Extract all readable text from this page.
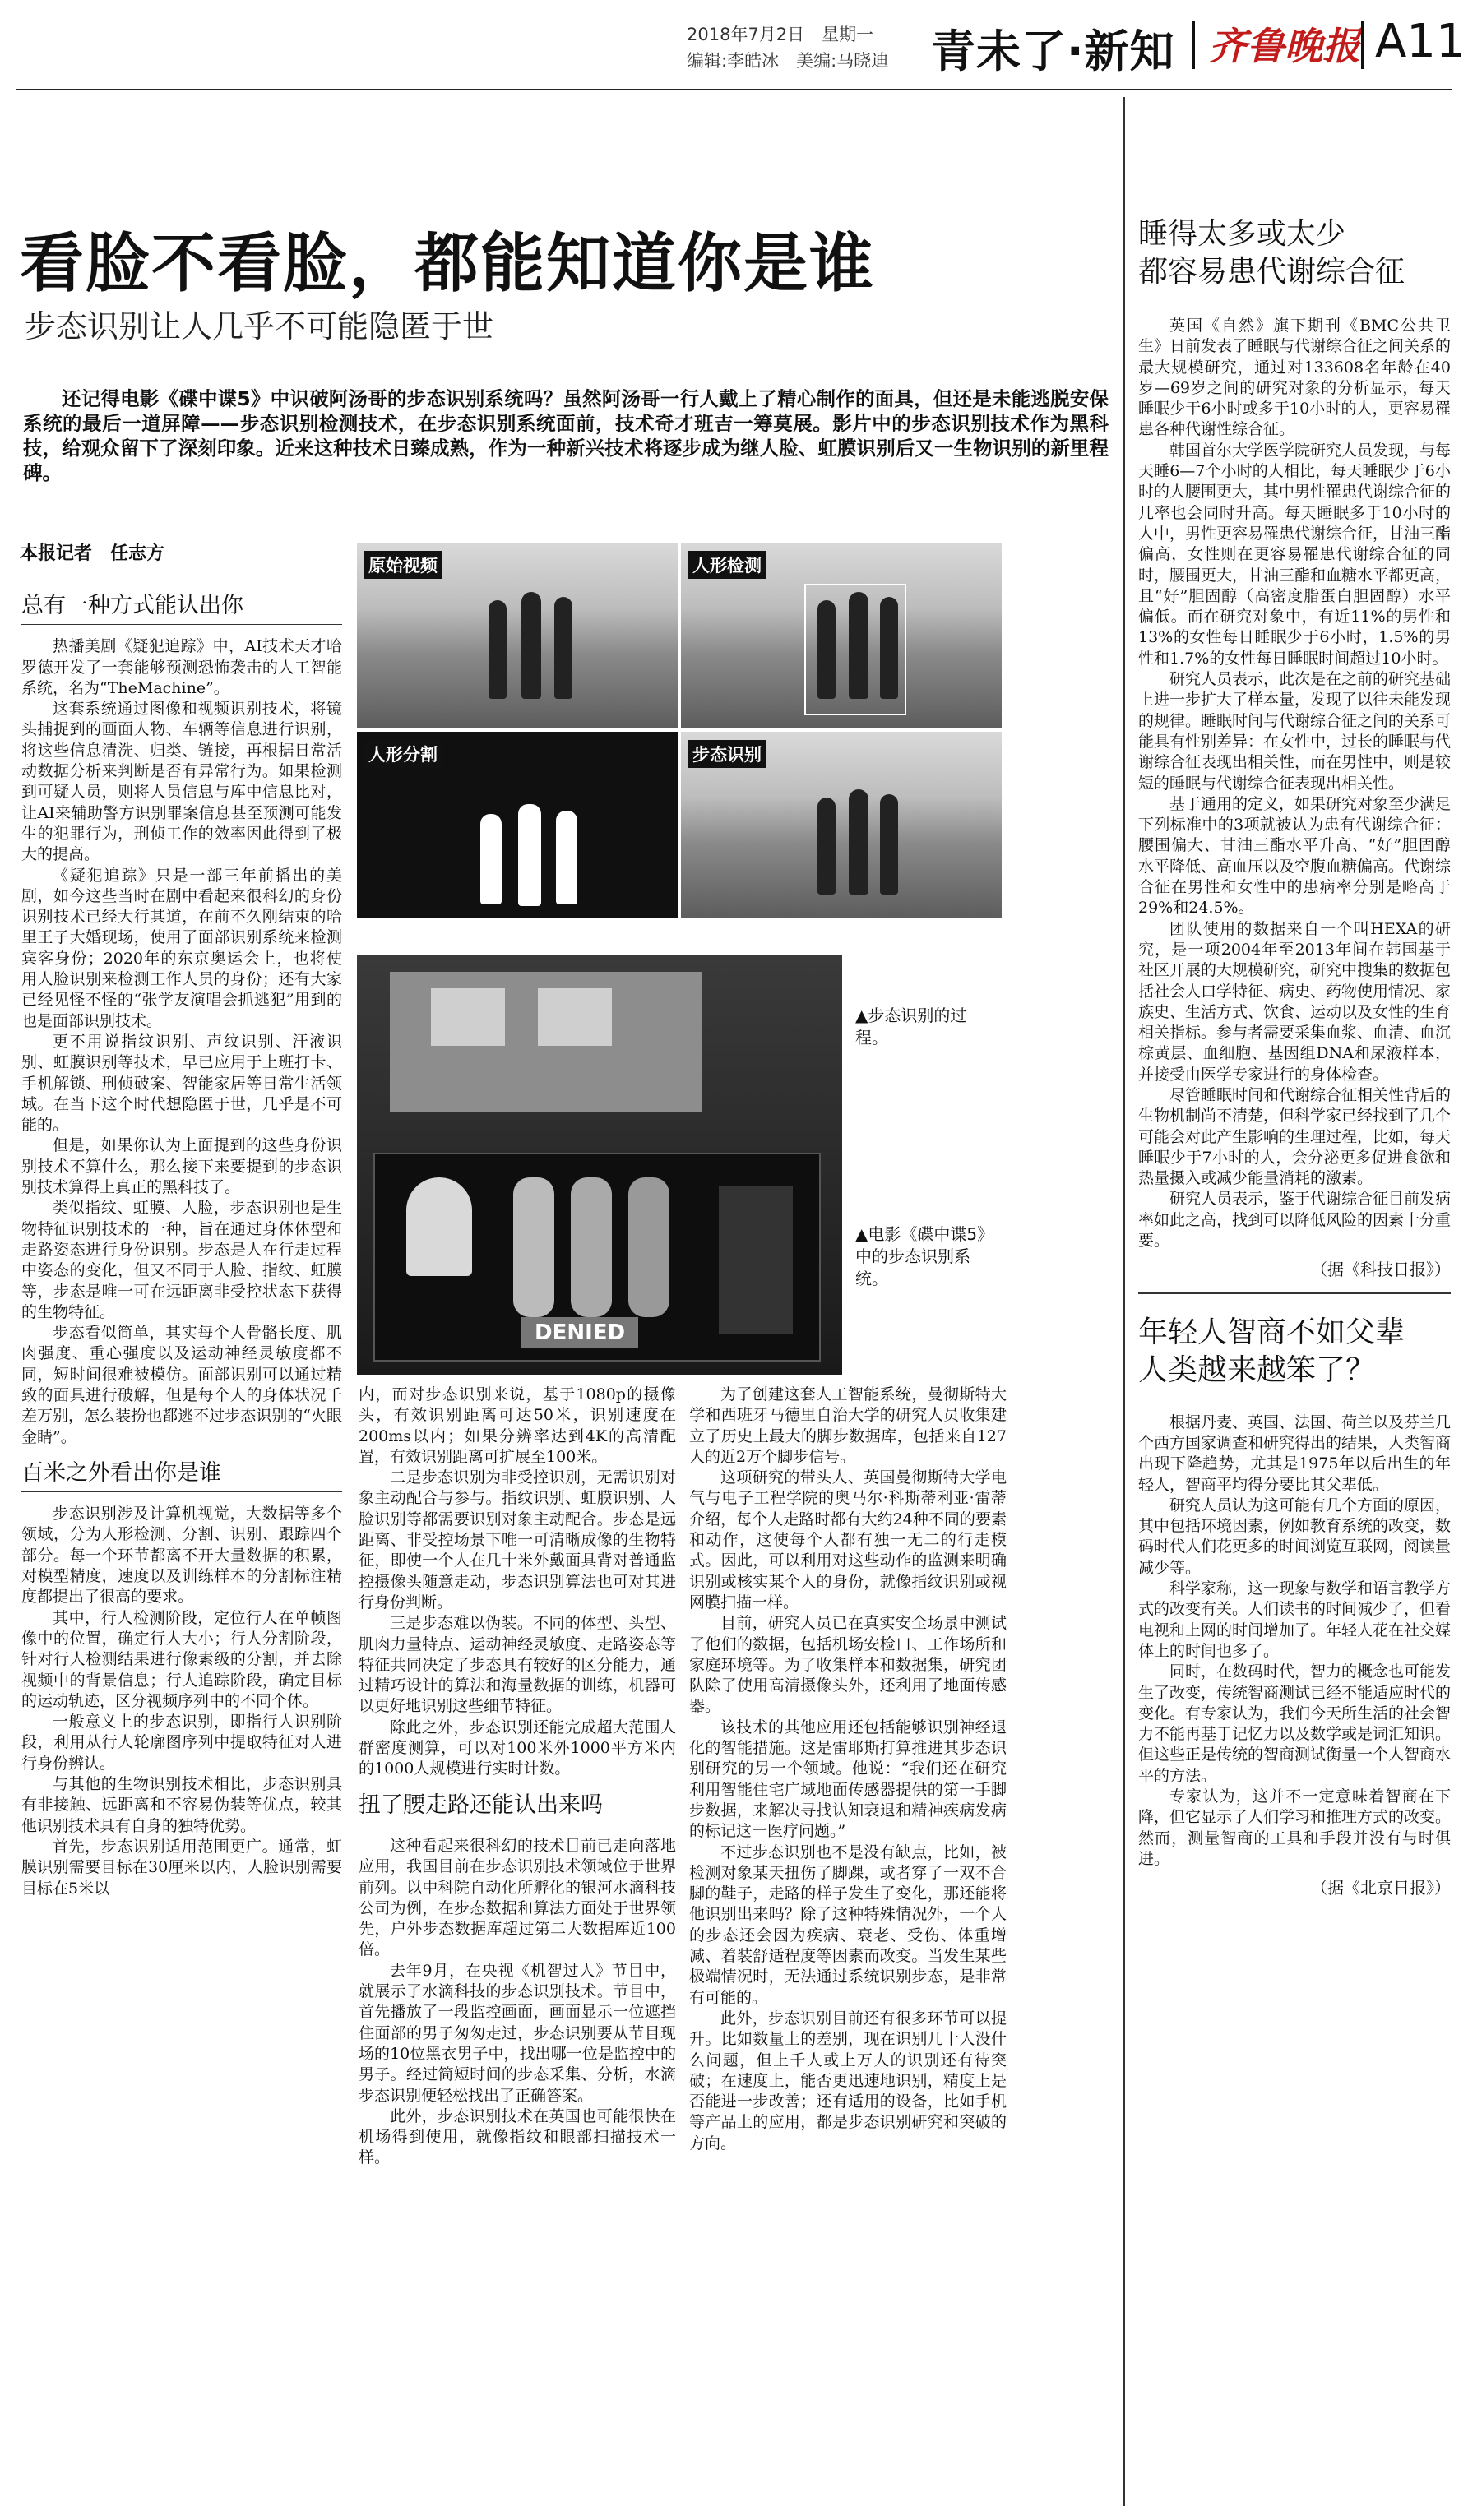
2018年7月2日　星期一
编辑:李皓冰　美编:马晓迪 青未了·新知 齐鲁晚报 A11
看脸不看脸，都能知道你是谁
步态识别让人几乎不可能隐匿于世
还记得电影《碟中谍5》中识破阿汤哥的步态识别系统吗？虽然阿汤哥一行人戴上了精心制作的面具，但还是未能逃脱安保系统的最后一道屏障——步态识别检测技术，在步态识别系统面前，技术奇才班吉一筹莫展。影片中的步态识别技术作为黑科技，给观众留下了深刻印象。近来这种技术日臻成熟，作为一种新兴技术将逐步成为继人脸、虹膜识别后又一生物识别的新里程碑。
本报记者　任志方
总有一种方式能认出你

热播美剧《疑犯追踪》中，AI技术天才哈罗德开发了一套能够预测恐怖袭击的人工智能系统，名为“TheMachine”。

这套系统通过图像和视频识别技术，将镜头捕捉到的画面人物、车辆等信息进行识别，将这些信息清洗、归类、链接，再根据日常活动数据分析来判断是否有异常行为。如果检测到可疑人员，则将人员信息与库中信息比对，让AI来辅助警方识别罪案信息甚至预测可能发生的犯罪行为，刑侦工作的效率因此得到了极大的提高。

《疑犯追踪》只是一部三年前播出的美剧，如今这些当时在剧中看起来很科幻的身份识别技术已经大行其道，在前不久刚结束的哈里王子大婚现场，使用了面部识别系统来检测宾客身份；2020年的东京奥运会上，也将使用人脸识别来检测工作人员的身份；还有大家已经见怪不怪的“张学友演唱会抓逃犯”用到的也是面部识别技术。

更不用说指纹识别、声纹识别、汗液识别、虹膜识别等技术，早已应用于上班打卡、手机解锁、刑侦破案、智能家居等日常生活领域。在当下这个时代想隐匿于世，几乎是不可能的。

但是，如果你认为上面提到的这些身份识别技术不算什么，那么接下来要提到的步态识别技术算得上真正的黑科技了。

类似指纹、虹膜、人脸，步态识别也是生物特征识别技术的一种，旨在通过身体体型和走路姿态进行身份识别。步态是人在行走过程中姿态的变化，但又不同于人脸、指纹、虹膜等，步态是唯一可在远距离非受控状态下获得的生物特征。

步态看似简单，其实每个人骨骼长度、肌肉强度、重心强度以及运动神经灵敏度都不同，短时间很难被模仿。面部识别可以通过精致的面具进行破解，但是每个人的身体状况千差万别，怎么装扮也都逃不过步态识别的“火眼金睛”。

百米之外看出你是谁

步态识别涉及计算机视觉，大数据等多个领域，分为人形检测、分割、识别、跟踪四个部分。每一个环节都离不开大量数据的积累，对模型精度，速度以及训练样本的分割标注精度都提出了很高的要求。

其中，行人检测阶段，定位行人在单帧图像中的位置，确定行人大小；行人分割阶段，针对行人检测结果进行像素级的分割，并去除视频中的背景信息；行人追踪阶段，确定目标的运动轨迹，区分视频序列中的不同个体。

一般意义上的步态识别，即指行人识别阶段，利用从行人轮廓图序列中提取特征对人进行身份辨认。

与其他的生物识别技术相比，步态识别具有非接触、远距离和不容易伪装等优点，较其他识别技术具有自身的独特优势。

首先，步态识别适用范围更广。通常，虹膜识别需要目标在30厘米以内，人脸识别需要目标在5米以

原始视频	人形检测
人形分割	步态识别
▲步态识别的过程。
DENIED
▲电影《碟中谍5》中的步态识别系统。

内，而对步态识别来说，基于1080p的摄像头，有效识别距离可达50米，识别速度在200ms以内；如果分辨率达到4K的高清配置，有效识别距离可扩展至100米。

二是步态识别为非受控识别，无需识别对象主动配合与参与。指纹识别、虹膜识别、人脸识别等都需要识别对象主动配合。步态是远距离、非受控场景下唯一可清晰成像的生物特征，即使一个人在几十米外戴面具背对普通监控摄像头随意走动，步态识别算法也可对其进行身份判断。

三是步态难以伪装。不同的体型、头型、肌肉力量特点、运动神经灵敏度、走路姿态等特征共同决定了步态具有较好的区分能力，通过精巧设计的算法和海量数据的训练，机器可以更好地识别这些细节特征。

除此之外，步态识别还能完成超大范围人群密度测算，可以对100米外1000平方米内的1000人规模进行实时计数。

扭了腰走路还能认出来吗

这种看起来很科幻的技术目前已走向落地应用，我国目前在步态识别技术领域位于世界前列。以中科院自动化所孵化的银河水滴科技公司为例，在步态数据和算法方面处于世界领先，户外步态数据库超过第二大数据库近100倍。

去年9月，在央视《机智过人》节目中，就展示了水滴科技的步态识别技术。节目中，首先播放了一段监控画面，画面显示一位遮挡住面部的男子匆匆走过，步态识别要从节目现场的10位黑衣男子中，找出哪一位是监控中的男子。经过简短时间的步态采集、分析，水滴步态识别便轻松找出了正确答案。

此外，步态识别技术在英国也可能很快在机场得到使用，就像指纹和眼部扫描技术一样。

为了创建这套人工智能系统，曼彻斯特大学和西班牙马德里自治大学的研究人员收集建立了历史上最大的脚步数据库，包括来自127人的近2万个脚步信号。

这项研究的带头人、英国曼彻斯特大学电气与电子工程学院的奥马尔·科斯蒂利亚·雷蒂介绍，每个人走路时都有大约24种不同的要素和动作，这使每个人都有独一无二的行走模式。因此，可以利用对这些动作的监测来明确识别或核实某个人的身份，就像指纹识别或视网膜扫描一样。

目前，研究人员已在真实安全场景中测试了他们的数据，包括机场安检口、工作场所和家庭环境等。为了收集样本和数据集，研究团队除了使用高清摄像头外，还利用了地面传感器。

该技术的其他应用还包括能够识别神经退化的智能措施。这是雷耶斯打算推进其步态识别研究的另一个领域。他说：“我们还在研究利用智能住宅广域地面传感器提供的第一手脚步数据，来解决寻找认知衰退和精神疾病发病的标记这一医疗问题。”

不过步态识别也不是没有缺点，比如，被检测对象某天扭伤了脚踝，或者穿了一双不合脚的鞋子，走路的样子发生了变化，那还能将他识别出来吗？除了这种特殊情况外，一个人的步态还会因为疾病、衰老、受伤、体重增减、着装舒适程度等因素而改变。当发生某些极端情况时，无法通过系统识别步态，是非常有可能的。

此外，步态识别目前还有很多环节可以提升。比如数量上的差别，现在识别几十人没什么问题，但上千人或上万人的识别还有待突破；在速度上，能否更迅速地识别，精度上是否能进一步改善；还有适用的设备，比如手机等产品上的应用，都是步态识别研究和突破的方向。

睡得太多或太少
都容易患代谢综合征

英国《自然》旗下期刊《BMC公共卫生》日前发表了睡眠与代谢综合征之间关系的最大规模研究，通过对133608名年龄在40岁—69岁之间的研究对象的分析显示，每天睡眠少于6小时或多于10小时的人，更容易罹患各种代谢性综合征。

韩国首尔大学医学院研究人员发现，与每天睡6—7个小时的人相比，每天睡眠少于6小时的人腰围更大，其中男性罹患代谢综合征的几率也会同时升高。每天睡眠多于10小时的人中，男性更容易罹患代谢综合征，甘油三酯偏高，女性则在更容易罹患代谢综合征的同时，腰围更大，甘油三酯和血糖水平都更高，且“好”胆固醇（高密度脂蛋白胆固醇）水平偏低。而在研究对象中，有近11%的男性和13%的女性每日睡眠少于6小时，1.5%的男性和1.7%的女性每日睡眠时间超过10小时。

研究人员表示，此次是在之前的研究基础上进一步扩大了样本量，发现了以往未能发现的规律。睡眠时间与代谢综合征之间的关系可能具有性别差异：在女性中，过长的睡眠与代谢综合征表现出相关性，而在男性中，则是较短的睡眠与代谢综合征表现出相关性。

基于通用的定义，如果研究对象至少满足下列标准中的3项就被认为患有代谢综合征：腰围偏大、甘油三酯水平升高、“好”胆固醇水平降低、高血压以及空腹血糖偏高。代谢综合征在男性和女性中的患病率分别是略高于29%和24.5%。

团队使用的数据来自一个叫HEXA的研究，是一项2004年至2013年间在韩国基于社区开展的大规模研究，研究中搜集的数据包括社会人口学特征、病史、药物使用情况、家族史、生活方式、饮食、运动以及女性的生育相关指标。参与者需要采集血浆、血清、血沉棕黄层、血细胞、基因组DNA和尿液样本，并接受由医学专家进行的身体检查。

尽管睡眠时间和代谢综合征相关性背后的生物机制尚不清楚，但科学家已经找到了几个可能会对此产生影响的生理过程，比如，每天睡眠少于7小时的人，会分泌更多促进食欲和热量摄入或减少能量消耗的激素。

研究人员表示，鉴于代谢综合征目前发病率如此之高，找到可以降低风险的因素十分重要。

（据《科技日报》）
年轻人智商不如父辈
人类越来越笨了？

根据丹麦、英国、法国、荷兰以及芬兰几个西方国家调查和研究得出的结果，人类智商出现下降趋势，尤其是1975年以后出生的年轻人，智商平均得分要比其父辈低。

研究人员认为这可能有几个方面的原因，其中包括环境因素，例如教育系统的改变，数码时代人们花更多的时间浏览互联网，阅读量减少等。

科学家称，这一现象与数学和语言教学方式的改变有关。人们读书的时间减少了，但看电视和上网的时间增加了。年轻人花在社交媒体上的时间也多了。

同时，在数码时代，智力的概念也可能发生了改变，传统智商测试已经不能适应时代的变化。有专家认为，我们今天所生活的社会智力不能再基于记忆力以及数学或是词汇知识。但这些正是传统的智商测试衡量一个人智商水平的方法。

专家认为，这并不一定意味着智商在下降，但它显示了人们学习和推理方式的改变。然而，测量智商的工具和手段并没有与时俱进。

（据《北京日报》）
